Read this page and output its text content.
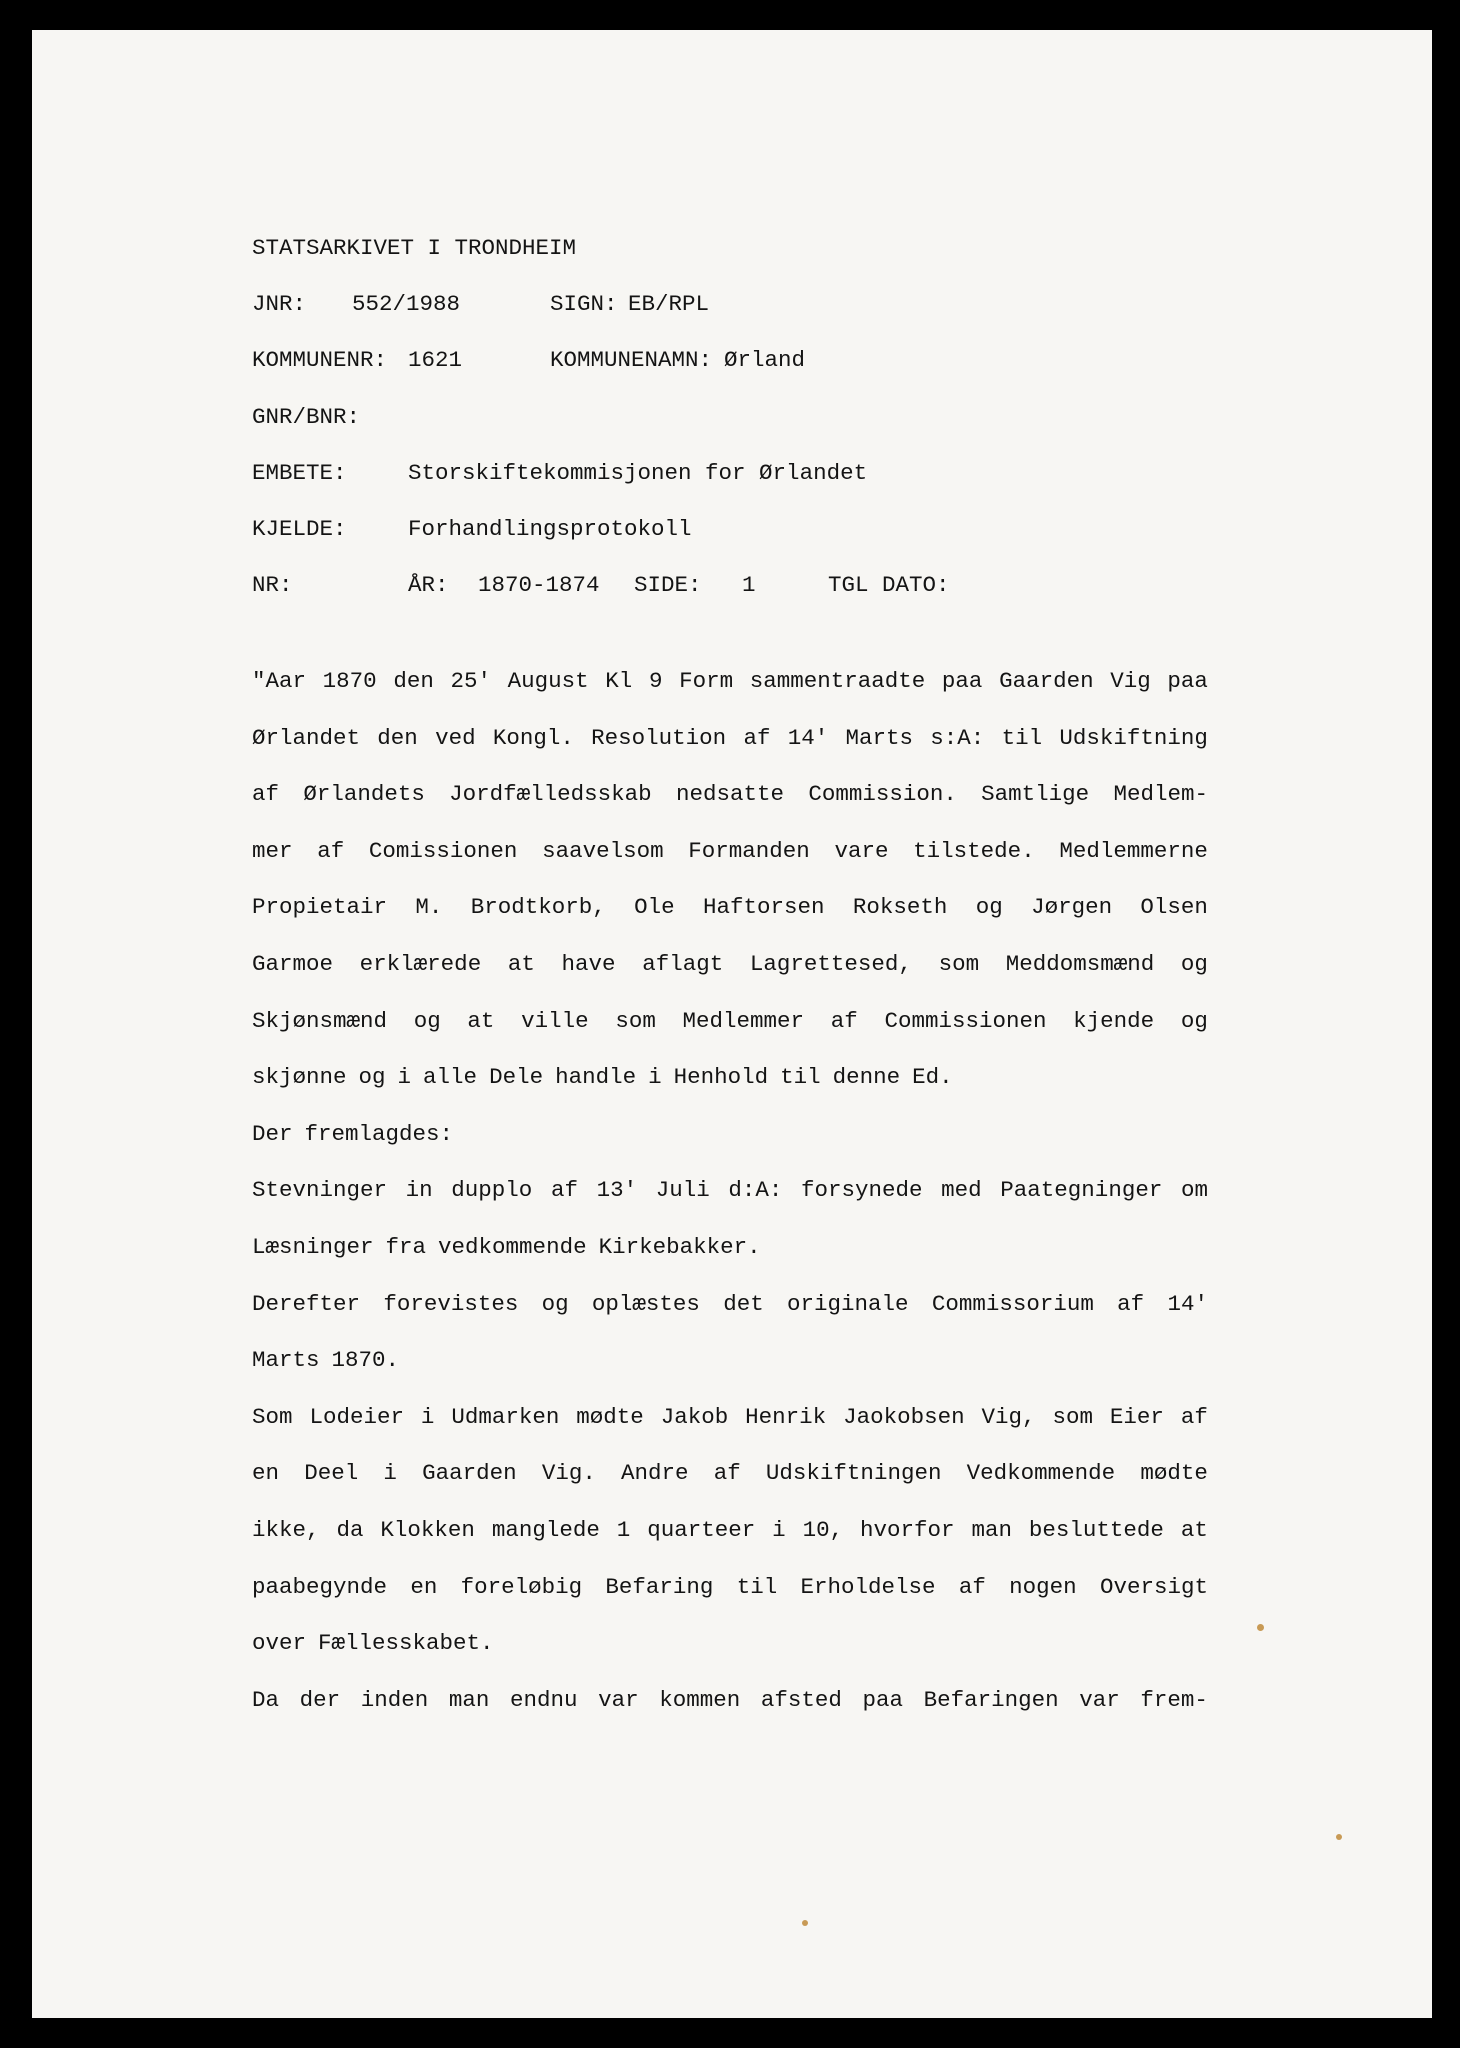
STATSARKIVET I TRONDHEIM
JNR: 552/1988	SIGN: EB/RPL
KOMMUNENR: 1621	KOMMUNENAMN: Ørland
GNR/BNR:
EMBETE:	Storskiftekommisjonen for Ørlandet
KJELDE:	Forhandlingsprotokoll
NR:	ÅR: 1870-1874 SIDE: 1	TGL DATO:
"Aar 1870 den 25' August Kl 9 Form sammentraadte paa Gaarden Vig paa
Ørlandet den ved Kongl. Resolution af 14' Marts s:A: til Udskiftning
af Ørlandets Jordfælledsskab nedsatte Commission. Samtlige Medlem-
mer af Comissionen saavelsom Formanden vare tilstede. Medlemmerne
Propietair M. Brodtkorb, Ole Haftorsen Rokseth og Jørgen Olsen
Garmoe erklærede at have aflagt Lagrettesed, som Meddomsmænd og
Skjønsmænd og at ville som Medlemmer af Commissionen kjende og
skjønne og i alle Dele handle i Henhold til denne Ed.
Der fremlagdes:
Stevninger in dupplo af 13' Juli d:A: forsynede med Paategninger om
Læsninger fra vedkommende Kirkebakker.
Derefter forevistes og oplæstes det originale Commissorium af 14'
Marts 1870.
Som Lodeier i Udmarken mødte Jakob Henrik Jaokobsen Vig, som Eier af
en Deel i Gaarden Vig. Andre af Udskiftningen Vedkommende mødte
ikke, da Klokken manglede 1 quarteer i 10, hvorfor man besluttede at
paabegynde en foreløbig Befaring til Erholdelse af nogen Oversigt
over Fællesskabet.
Da der inden man endnu var kommen afsted paa Befaringen var frem-
